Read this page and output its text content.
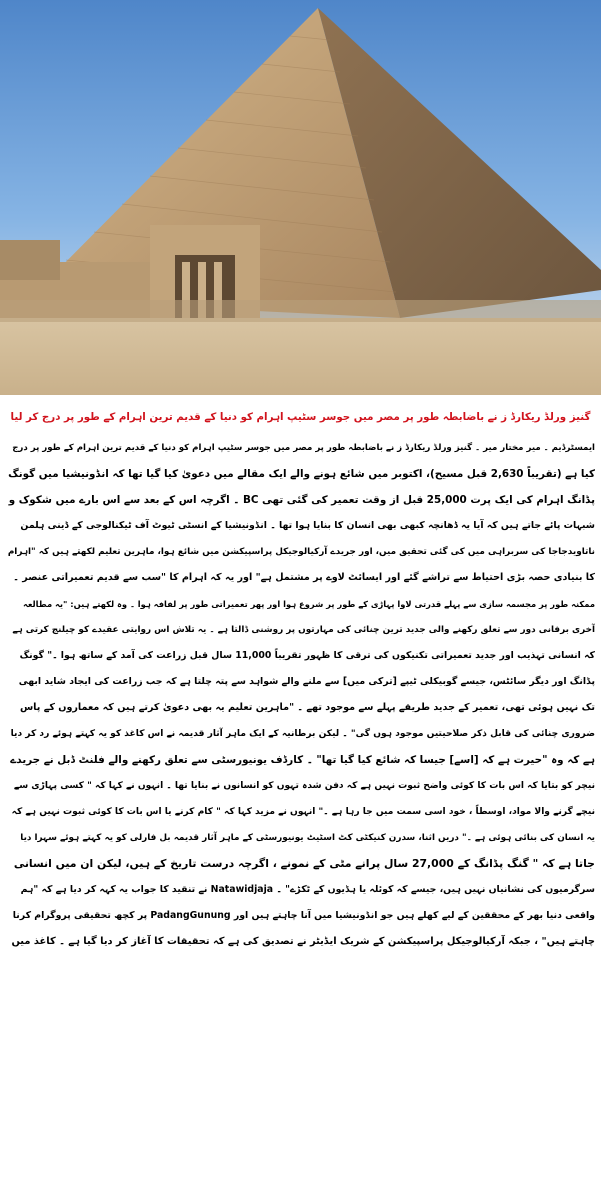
گنیز ورلڈ ریکارڈ ز نے باضابطہ طور پر مصر میں جوسر سٹیپ اہرام کو دنیا کے قدیم ترین اہرام کے طور پر درج کر لیا

ایمسٹرڈیم ۔ میر مختار میر ۔ گنیز ورلڈ ریکارڈ ز نے باضابطہ طور پر مصر میں جوسر سٹیپ اہرام کو دنیا کے قدیم ترین اہرام کے طور پر درج

کیا ہے (تقریباً 2,630 قبل مسیح)، اکتوبر میں شائع ہونے والے ایک مقالے میں دعویٰ کیا گیا تھا کہ انڈونیشیا میں گونگ

پڈانگ اہرام کی ایک پرت 25,000 قبل از وقت تعمیر کی گئی تھی BC ۔ اگرچہ اس کے بعد سے اس بارے میں شکوک و

شبہات پائے جاتے ہیں کہ آیا یہ ڈھانچہ کبھی بھی انسان کا بنایا ہوا تھا ۔ انڈونیشیا کے انسٹی ٹیوٹ آف ٹیکنالوجی کے ڈینی ہلمن

ناتاویدجاجا کی سربراہی میں کی گئی تحقیق میں، اور جریدے آرکیالوجیکل پراسپیکشن میں شائع ہوا، ماہرین تعلیم لکھتے ہیں کہ "اہرام

کا بنیادی حصہ بڑی احتیاط سے تراشے گئے اور ایسائٹ لاوے پر مشتمل ہے" اور یہ کہ اہرام کا "سب سے قدیم تعمیراتی عنصر ۔

ممکنہ طور پر مجسمہ سازی سے پہلے قدرتی لاوا پہاڑی کے طور پر شروع ہوا اور پھر تعمیراتی طور پر لفافہ ہوا ۔ وہ لکھتے ہیں: "یہ مطالعہ

آخری برفانی دور سے تعلق رکھنے والی جدید ترین چنائی کی مہارتوں پر روشنی ڈالتا ہے ۔ یہ تلاش اس روایتی عقیدے کو چیلنج کرتی ہے

کہ انسانی تہذیب اور جدید تعمیراتی تکنیکوں کی ترقی کا ظہور تقریباً 11,000 سال قبل زراعت کی آمد کے ساتھ ہوا ۔" گونگ

پڈانگ اور دیگر سائٹس، جیسے گوبیکلی ٹیپے [ترکی میں] سے ملنے والے شواہد سے پتہ چلتا ہے کہ جب زراعت کی ایجاد شاید ابھی

تک نہیں ہوئی تھی، تعمیر کے جدید طریقے پہلے سے موجود تھے ۔ "ماہرین تعلیم یہ بھی دعویٰ کرتے ہیں کہ معماروں کے پاس

ضروری چنائی کی قابل ذکر صلاحیتیں موجود ہوں گی" ۔ لیکن برطانیہ کے ایک ماہر آثار قدیمہ نے اس کاغذ کو یہ کہتے ہوئے رد کر دیا

ہے کہ وہ "حیرت ہے کہ [اسے] جیسا کہ شائع کیا گیا تھا" ۔ کارڈف یونیورسٹی سے تعلق رکھنے والے فلنٹ ڈبل نے جریدے

نیچر کو بتایا کہ اس بات کا کوئی واضح ثبوت نہیں ہے کہ دفن شدہ تہوں کو انسانوں نے بنایا تھا ۔ انہوں نے کہا کہ " کسی پہاڑی سے

نیچے گرنے والا مواد، اوسطاً ، خود اسی سمت میں جا رہا ہے ۔" انہوں نے مزید کہا کہ " کام کرنے یا اس بات کا کوئی ثبوت نہیں ہے کہ

یہ انسان کی بنائی ہوئی ہے ۔" دریں اثنا، سدرن کنیکٹی کٹ اسٹیٹ یونیورسٹی کے ماہر آثار قدیمہ بل فارلی کو یہ کہتے ہوئے سہرا دیا

جاتا ہے کہ " گنگ پڈانگ کے 27,000 سال پرانے مٹی کے نمونے ، اگرچہ درست تاریخ کے ہیں، لیکن ان میں انسانی

سرگرمیوں کی نشانیاں نہیں ہیں، جیسے کہ کوئلہ یا ہڈیوں کے ٹکڑے" ۔ Natawidjaja نے تنقید کا جواب یہ کہہ کر دیا ہے کہ "ہم

واقعی دنیا بھر کے محققین کے لیے کھلے ہیں جو انڈونیشیا میں آنا چاہتے ہیں اور PadangGunung پر کچھ تحقیقی پروگرام کرنا

چاہتے ہیں" ، جبکہ آرکیالوجیکل پراسپیکشن کے شریک ایڈیٹر نے تصدیق کی ہے کہ تحقیقات کا آغاز کر دیا گیا ہے ۔ کاغذ میں
